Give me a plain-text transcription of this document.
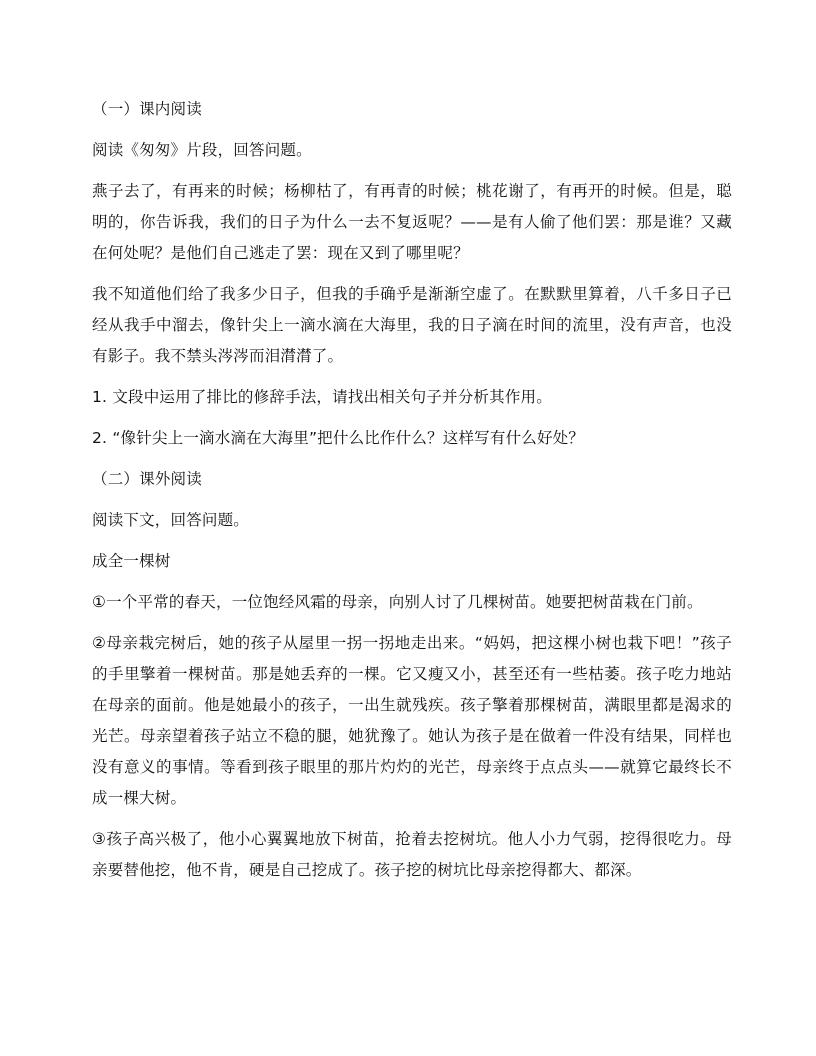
（一）课内阅读

阅读《匆匆》片段，回答问题。

燕子去了，有再来的时候；杨柳枯了，有再青的时候；桃花谢了，有再开的时候。但是，聪明的，你告诉我，我们的日子为什么一去不复返呢？——是有人偷了他们罢：那是谁？又藏在何处呢？是他们自己逃走了罢：现在又到了哪里呢？

我不知道他们给了我多少日子，但我的手确乎是渐渐空虚了。在默默里算着，八千多日子已经从我手中溜去，像针尖上一滴水滴在大海里，我的日子滴在时间的流里，没有声音，也没有影子。我不禁头涔涔而泪潸潸了。

1. 文段中运用了排比的修辞手法，请找出相关句子并分析其作用。

2. “像针尖上一滴水滴在大海里”把什么比作什么？这样写有什么好处？

（二）课外阅读

阅读下文，回答问题。

成全一棵树

①一个平常的春天，一位饱经风霜的母亲，向别人讨了几棵树苗。她要把树苗栽在门前。

②母亲栽完树后，她的孩子从屋里一拐一拐地走出来。“妈妈，把这棵小树也栽下吧！”孩子的手里擎着一棵树苗。那是她丢弃的一棵。它又瘦又小，甚至还有一些枯萎。孩子吃力地站在母亲的面前。他是她最小的孩子，一出生就残疾。孩子擎着那棵树苗，满眼里都是渴求的光芒。母亲望着孩子站立不稳的腿，她犹豫了。她认为孩子是在做着一件没有结果，同样也没有意义的事情。等看到孩子眼里的那片灼灼的光芒，母亲终于点点头——就算它最终长不成一棵大树。

③孩子高兴极了，他小心翼翼地放下树苗，抢着去挖树坑。他人小力气弱，挖得很吃力。母亲要替他挖，他不肯，硬是自己挖成了。孩子挖的树坑比母亲挖得都大、都深。
